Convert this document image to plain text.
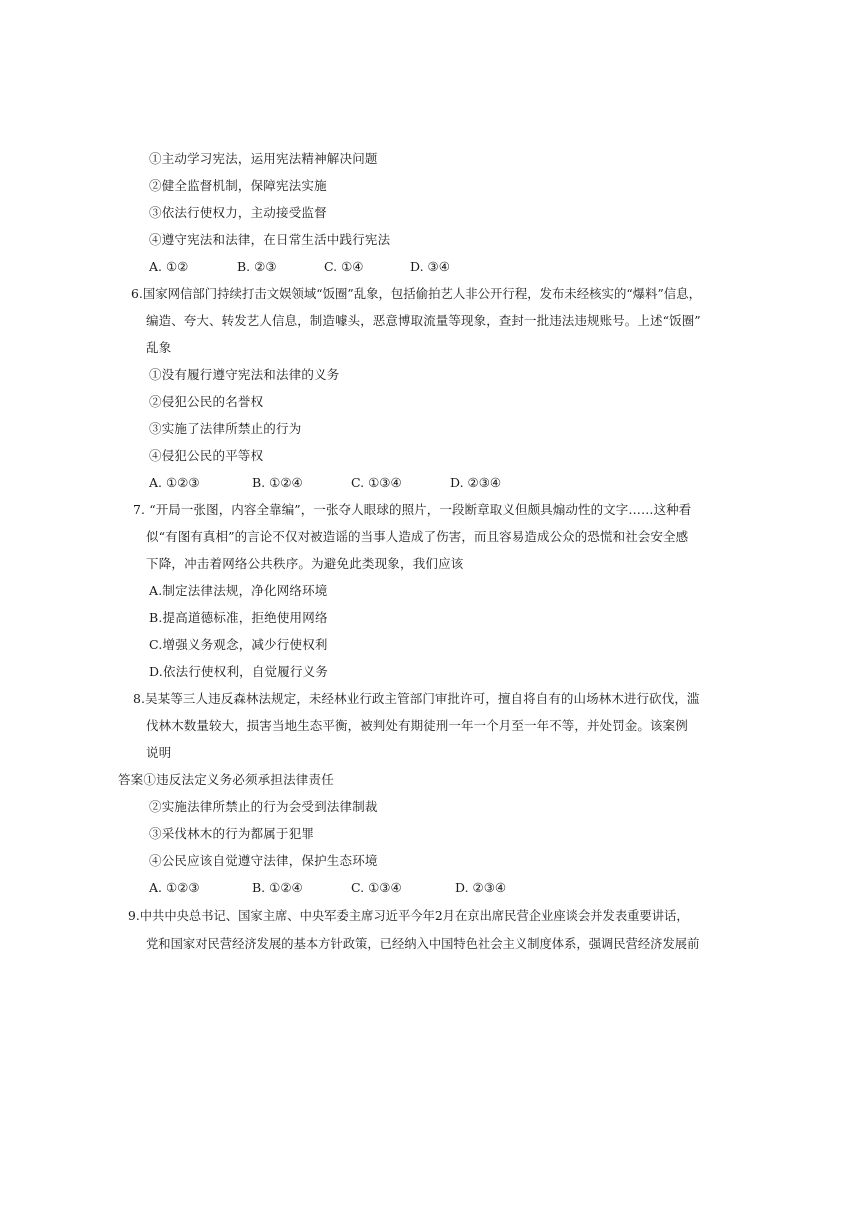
①主动学习宪法，运用宪法精神解决问题
②健全监督机制，保障宪法实施
③依法行使权力，主动接受监督
④遵守宪法和法律，在日常生活中践行宪法
A. ①②	B. ②③	C. ①④	D. ③④
6.国家网信部门持续打击文娱领域“饭圈”乱象，包括偷拍艺人非公开行程，发布未经核实的“爆料”信息，
编造、夸大、转发艺人信息，制造噱头，恶意博取流量等现象，查封一批违法违规账号。上述“饭圈”
乱象
①没有履行遵守宪法和法律的义务
②侵犯公民的名誉权
③实施了法律所禁止的行为
④侵犯公民的平等权
A. ①②③	B. ①②④	C. ①③④	D. ②③④
7. “开局一张图，内容全靠编”，一张夺人眼球的照片，一段断章取义但颇具煽动性的文字……这种看
似“有图有真相”的言论不仅对被造谣的当事人造成了伤害，而且容易造成公众的恐慌和社会安全感
下降，冲击着网络公共秩序。为避免此类现象，我们应该
A.制定法律法规，净化网络环境
B.提高道德标准，拒绝使用网络
C.增强义务观念，减少行使权利
D.依法行使权利，自觉履行义务
8.吴某等三人违反森林法规定，未经林业行政主管部门审批许可，擅自将自有的山场林木进行砍伐，滥
伐林木数量较大，损害当地生态平衡，被判处有期徒刑一年一个月至一年不等，并处罚金。该案例
说明
答案①违反法定义务必须承担法律责任
②实施法律所禁止的行为会受到法律制裁
③采伐林木的行为都属于犯罪
④公民应该自觉遵守法律，保护生态环境
A. ①②③	B. ①②④	C. ①③④	D. ②③④
9.中共中央总书记、国家主席、中央军委主席习近平今年2月在京出席民营企业座谈会并发表重要讲话，
党和国家对民营经济发展的基本方针政策，已经纳入中国特色社会主义制度体系，强调民营经济发展前
